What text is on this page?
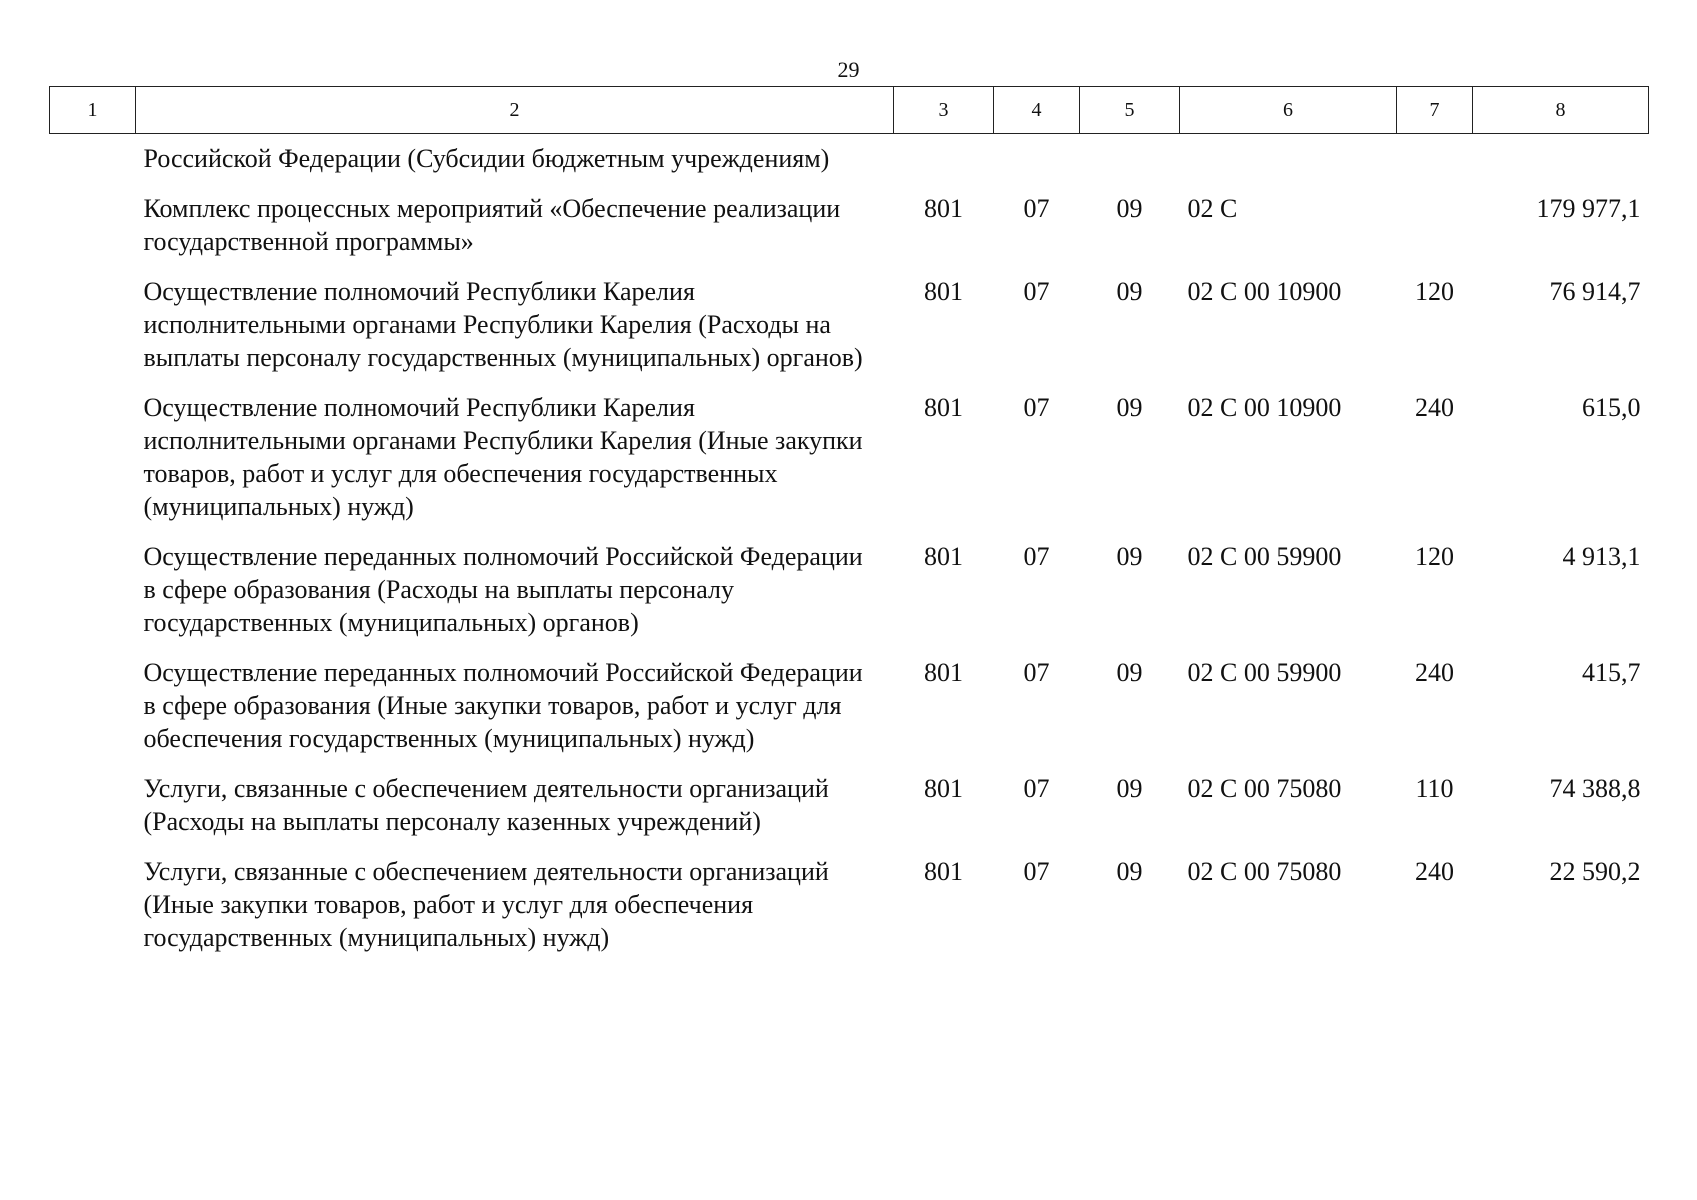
29
1	2	3	4	5	6	7	8
	Российской Федерации (Субсидии бюджетным учреждениям)						
	Комплекс процессных мероприятий «Обеспечение реализации государственной программы»	801	07	09	02 С		179 977,1
	Осуществление полномочий Республики Карелия исполнительными органами Республики Карелия (Расходы на выплаты персоналу государственных (муниципальных) органов)	801	07	09	02 С 00 10900	120	76 914,7
	Осуществление полномочий Республики Карелия исполнительными органами Республики Карелия (Иные закупки товаров, работ и услуг для обеспечения государственных (муниципальных) нужд)	801	07	09	02 С 00 10900	240	615,0
	Осуществление переданных полномочий Российской Федерации в сфере образования (Расходы на выплаты персоналу государственных (муниципальных) органов)	801	07	09	02 С 00 59900	120	4 913,1
	Осуществление переданных полномочий Российской Федерации в сфере образования (Иные закупки товаров, работ и услуг для обеспечения государственных (муниципальных) нужд)	801	07	09	02 С 00 59900	240	415,7
	Услуги, связанные с обеспечением деятельности организаций (Расходы на выплаты персоналу казенных учреждений)	801	07	09	02 С 00 75080	110	74 388,8
	Услуги, связанные с обеспечением деятельности организаций (Иные закупки товаров, работ и услуг для обеспечения государственных (муниципальных) нужд)	801	07	09	02 С 00 75080	240	22 590,2
